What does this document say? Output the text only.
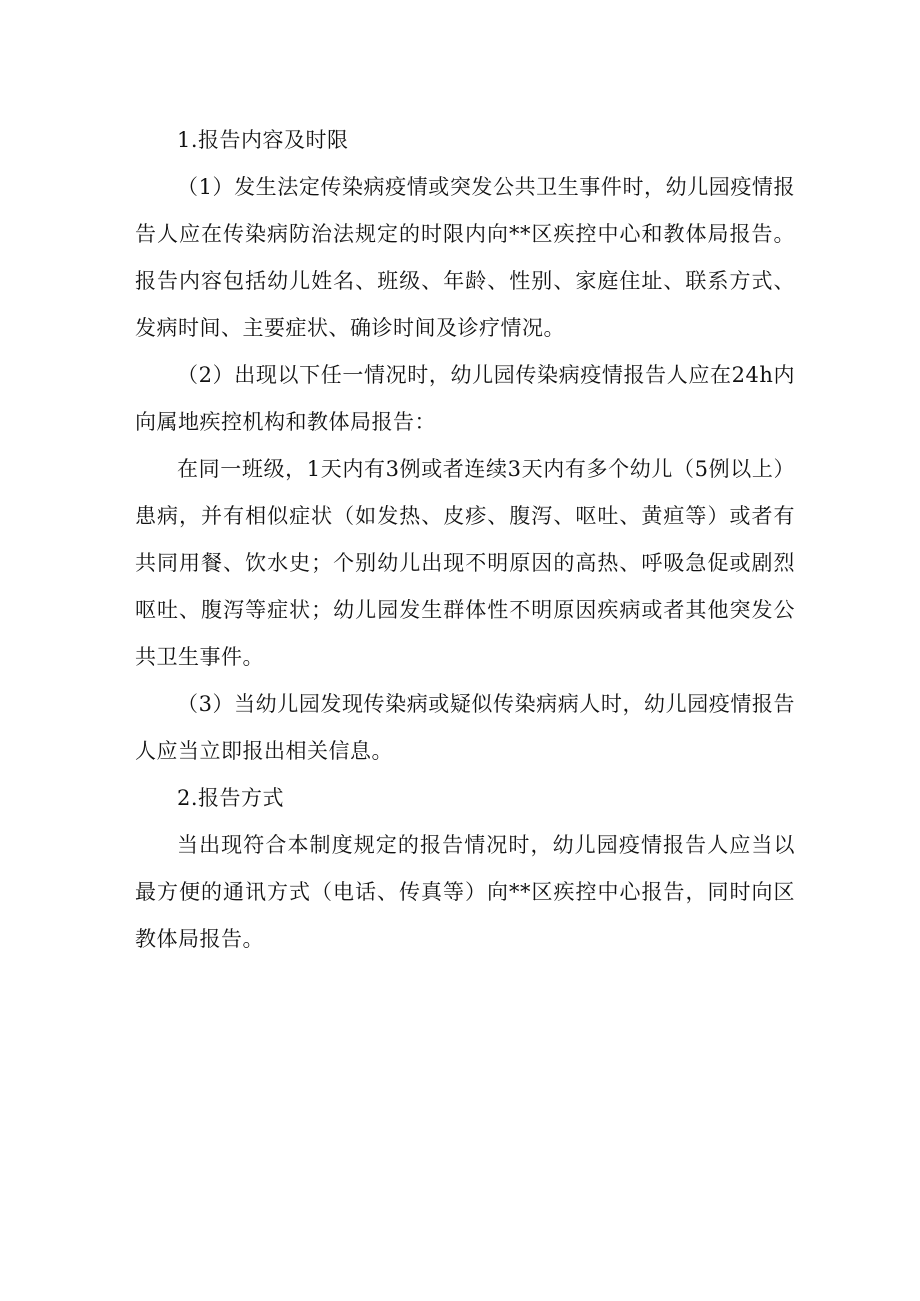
1.报告内容及时限

（1）发生法定传染病疫情或突发公共卫生事件时，幼儿园疫情报告人应在传染病防治法规定的时限内向**区疾控中心和教体局报告。报告内容包括幼儿姓名、班级、年龄、性别、家庭住址、联系方式、发病时间、主要症状、确诊时间及诊疗情况。

（2）出现以下任一情况时，幼儿园传染病疫情报告人应在24h内向属地疾控机构和教体局报告：

在同一班级，1天内有3例或者连续3天内有多个幼儿（5例以上）患病，并有相似症状（如发热、皮疹、腹泻、呕吐、黄疸等）或者有共同用餐、饮水史；个别幼儿出现不明原因的高热、呼吸急促或剧烈呕吐、腹泻等症状；幼儿园发生群体性不明原因疾病或者其他突发公共卫生事件。

（3）当幼儿园发现传染病或疑似传染病病人时，幼儿园疫情报告人应当立即报出相关信息。

2.报告方式

当出现符合本制度规定的报告情况时，幼儿园疫情报告人应当以最方便的通讯方式（电话、传真等）向**区疾控中心报告，同时向区教体局报告。
